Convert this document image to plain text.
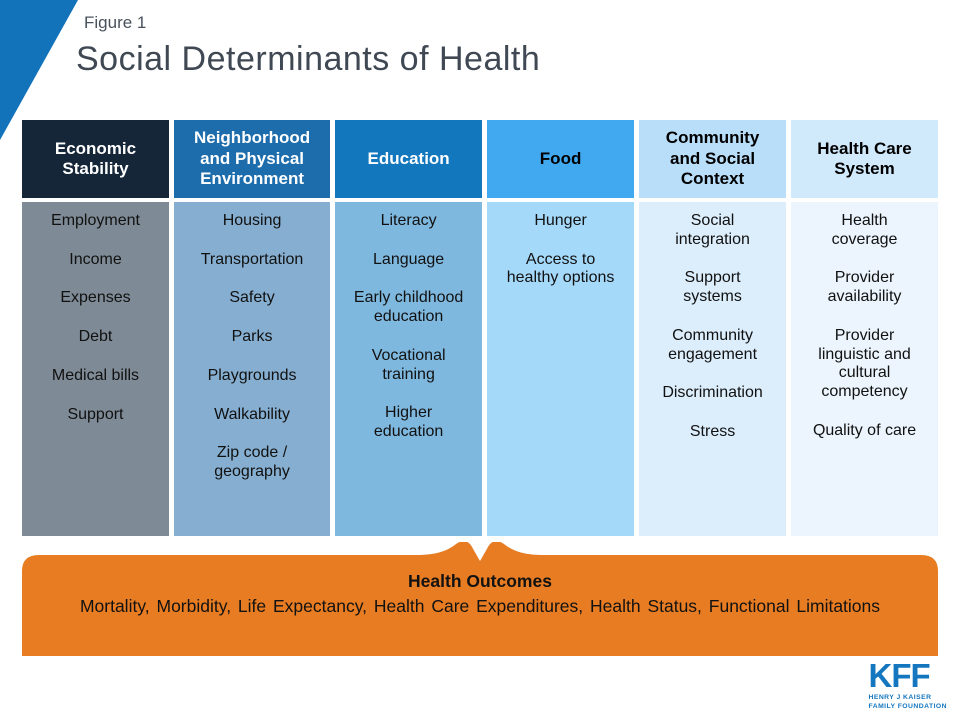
Figure 1
Social Determinants of Health
Economic Stability
Employment
Income
Expenses
Debt
Medical bills
Support
Neighborhood and Physical Environment
Housing
Transportation
Safety
Parks
Playgrounds
Walkability
Zip code / geography
Education
Literacy
Language
Early childhood education
Vocational training
Higher education
Food
Hunger
Access to healthy options
Community and Social Context
Social integration
Support systems
Community engagement
Discrimination
Stress
Health Care System
Health coverage
Provider availability
Provider linguistic and cultural competency
Quality of care
Health Outcomes
Mortality, Morbidity, Life Expectancy, Health Care Expenditures, Health Status, Functional Limitations
KFF
HENRY J KAISER
FAMILY FOUNDATION
